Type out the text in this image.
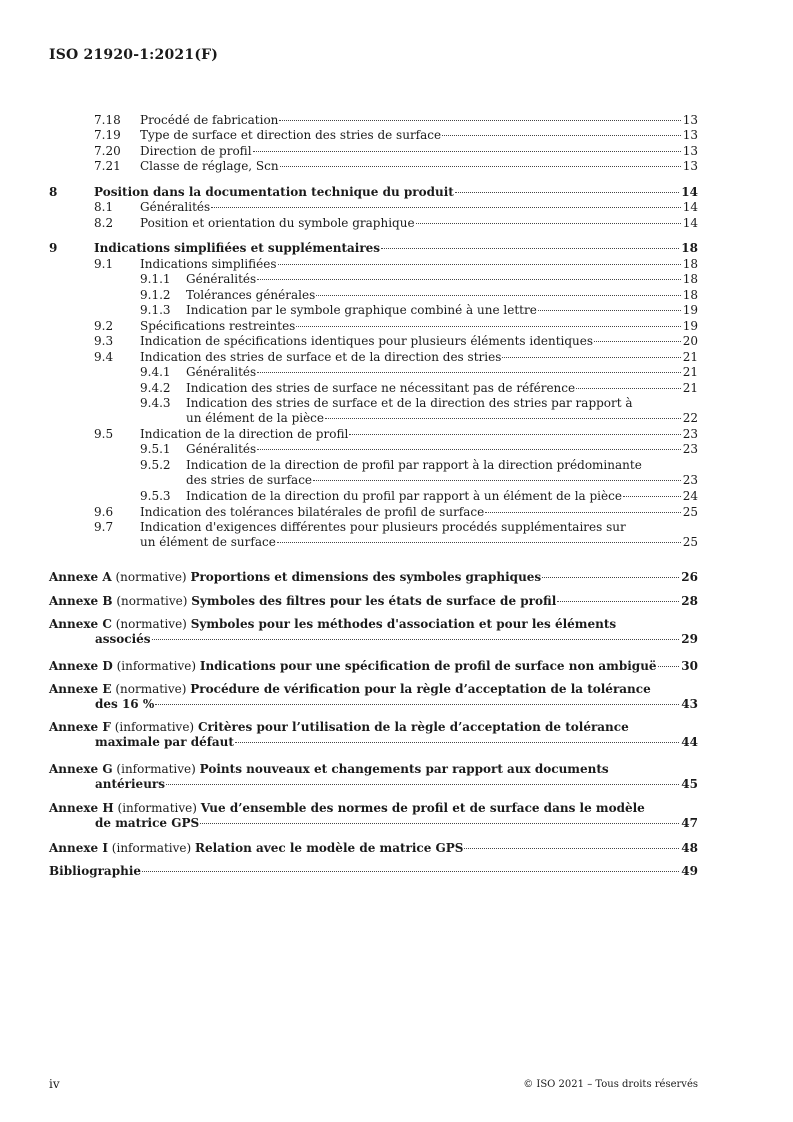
ISO 21920-1:2021(F)
7.18 Procédé de fabrication	13
7.19 Type de surface et direction des stries de surface	13
7.20 Direction de profil	13
7.21 Classe de réglage, Scn	13
8	Position dans la documentation technique du produit	14
8.1 Généralités	14
8.2 Position et orientation du symbole graphique	14
9	Indications simplifiées et supplémentaires	18
9.1 Indications simplifiées	18
9.1.1 Généralités	18
9.1.2 Tolérances générales	18
9.1.3 Indication par le symbole graphique combiné à une lettre	19
9.2 Spécifications restreintes	19
9.3 Indication de spécifications identiques pour plusieurs éléments identiques	20
9.4 Indication des stries de surface et de la direction des stries	21
9.4.1 Généralités	21
9.4.2 Indication des stries de surface ne nécessitant pas de référence	21
9.4.3 Indication des stries de surface et de la direction des stries par rapport à
un élément de la pièce	22
9.5 Indication de la direction de profil	23
9.5.1 Généralités	23
9.5.2 Indication de la direction de profil par rapport à la direction prédominante
des stries de surface	23
9.5.3 Indication de la direction du profil par rapport à un élément de la pièce	24
9.6 Indication des tolérances bilatérales de profil de surface	25
9.7 Indication d'exigences différentes pour plusieurs procédés supplémentaires sur
un élément de surface	25
Annexe A (normative) Proportions et dimensions des symboles graphiques	26
Annexe B (normative) Symboles des filtres pour les états de surface de profil	28
Annexe C (normative) Symboles pour les méthodes d'association et pour les éléments
associés	29
Annexe D (informative) Indications pour une spécification de profil de surface non ambiguë 30
Annexe E (normative) Procédure de vérification pour la règle d’acceptation de la tolérance
des 16 %	43
Annexe F (informative) Critères pour l’utilisation de la règle d’acceptation de tolérance
maximale par défaut	44
Annexe G (informative) Points nouveaux et changements par rapport aux documents
antérieurs	45
Annexe H (informative) Vue d’ensemble des normes de profil et de surface dans le modèle
de matrice GPS	47
Annexe I (informative) Relation avec le modèle de matrice GPS	48
Bibliographie	49
iv	© ISO 2021 – Tous droits réservés
